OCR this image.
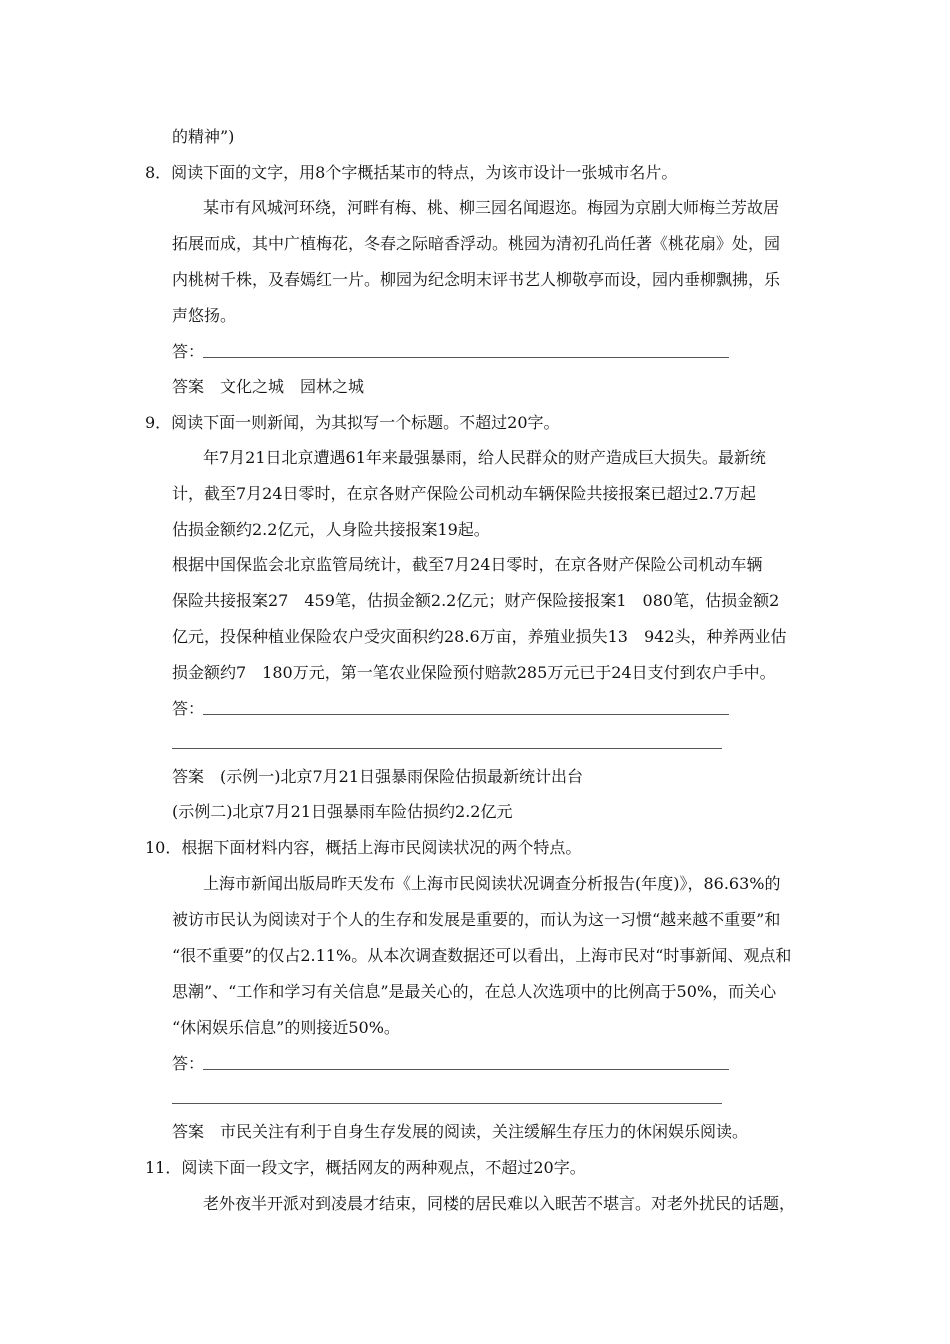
的精神”)
8．阅读下面的文字，用8个字概括某市的特点，为该市设计一张城市名片。
某市有风城河环绕，河畔有梅、桃、柳三园名闻遐迩。梅园为京剧大师梅兰芳故居
拓展而成，其中广植梅花，冬春之际暗香浮动。桃园为清初孔尚任著《桃花扇》处，园
内桃树千株，及春嫣红一片。柳园为纪念明末评书艺人柳敬亭而设，园内垂柳飘拂，乐
声悠扬。
答：
答案　文化之城　园林之城
9．阅读下面一则新闻，为其拟写一个标题。不超过20字。
年7月21日北京遭遇61年来最强暴雨，给人民群众的财产造成巨大损失。最新统
计，截至7月24日零时，在京各财产保险公司机动车辆保险共接报案已超过2.7万起
估损金额约2.2亿元，人身险共接报案19起。
根据中国保监会北京监管局统计，截至7月24日零时，在京各财产保险公司机动车辆
保险共接报案27　459笔，估损金额2.2亿元；财产保险接报案1　080笔，估损金额2
亿元，投保种植业保险农户受灾面积约28.6万亩，养殖业损失13　942头，种养两业估
损金额约7　180万元，第一笔农业保险预付赔款285万元已于24日支付到农户手中。
答：
答案　(示例一)北京7月21日强暴雨保险估损最新统计出台
(示例二)北京7月21日强暴雨车险估损约2.2亿元
10．根据下面材料内容，概括上海市民阅读状况的两个特点。
上海市新闻出版局昨天发布《上海市民阅读状况调查分析报告(年度)》，86.63%的
被访市民认为阅读对于个人的生存和发展是重要的，而认为这一习惯“越来越不重要”和
“很不重要”的仅占2.11%。从本次调查数据还可以看出，上海市民对“时事新闻、观点和
思潮”、“工作和学习有关信息”是最关心的，在总人次选项中的比例高于50%，而关心
“休闲娱乐信息”的则接近50%。
答：
答案　市民关注有利于自身生存发展的阅读，关注缓解生存压力的休闲娱乐阅读。
11．阅读下面一段文字，概括网友的两种观点，不超过20字。
老外夜半开派对到凌晨才结束，同楼的居民难以入眠苦不堪言。对老外扰民的话题，
